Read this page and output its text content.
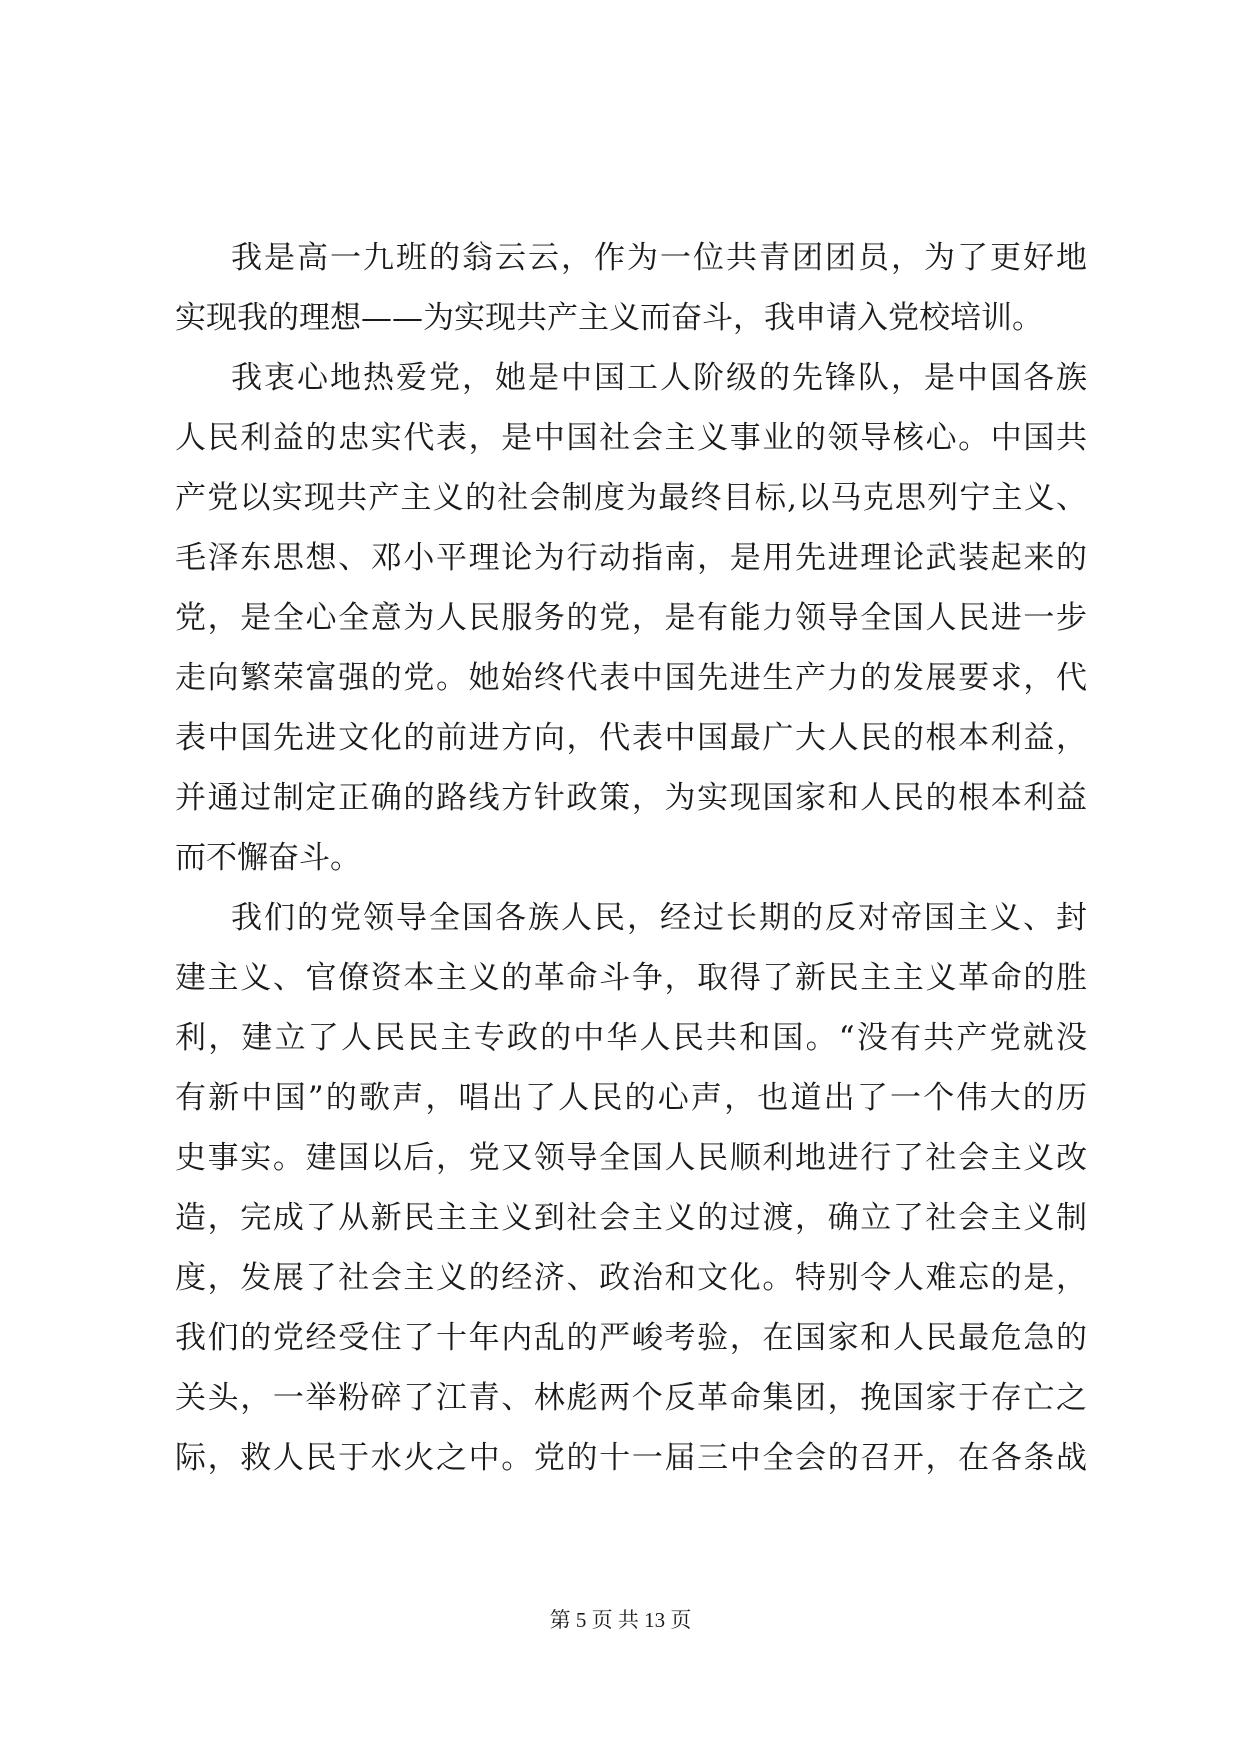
我是高一九班的翁云云，作为一位共青团团员，为了更好地
实现我的理想——为实现共产主义而奋斗，我申请入党校培训。
我衷心地热爱党，她是中国工人阶级的先锋队，是中国各族
人民利益的忠实代表，是中国社会主义事业的领导核心。中国共
产党以实现共产主义的社会制度为最终目标,以马克思列宁主义、
毛泽东思想、邓小平理论为行动指南，是用先进理论武装起来的
党，是全心全意为人民服务的党，是有能力领导全国人民进一步
走向繁荣富强的党。她始终代表中国先进生产力的发展要求，代
表中国先进文化的前进方向，代表中国最广大人民的根本利益，
并通过制定正确的路线方针政策，为实现国家和人民的根本利益
而不懈奋斗。
我们的党领导全国各族人民，经过长期的反对帝国主义、封
建主义、官僚资本主义的革命斗争，取得了新民主主义革命的胜
利，建立了人民民主专政的中华人民共和国。“没有共产党就没
有新中国”的歌声，唱出了人民的心声，也道出了一个伟大的历
史事实。建国以后，党又领导全国人民顺利地进行了社会主义改
造，完成了从新民主主义到社会主义的过渡，确立了社会主义制
度，发展了社会主义的经济、政治和文化。特别令人难忘的是，
我们的党经受住了十年内乱的严峻考验，在国家和人民最危急的
关头，一举粉碎了江青、林彪两个反革命集团，挽国家于存亡之
际，救人民于水火之中。党的十一届三中全会的召开，在各条战
第 5 页 共 13 页
